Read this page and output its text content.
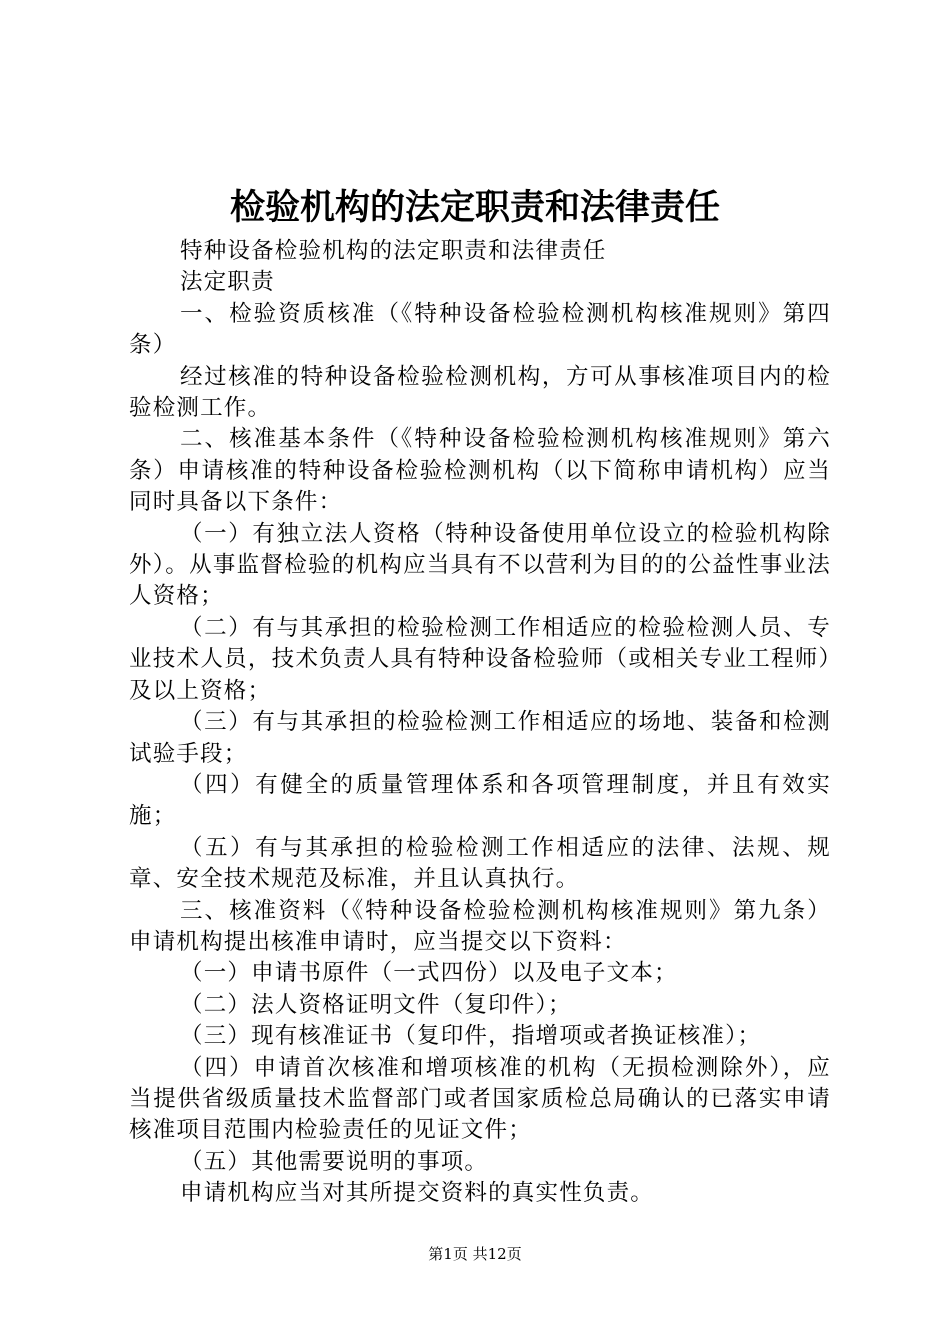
检验机构的法定职责和法律责任

特种设备检验机构的法定职责和法律责任

法定职责

一、检验资质核准（《特种设备检验检测机构核准规则》第四条）

经过核准的特种设备检验检测机构，方可从事核准项目内的检验检测工作。

二、核准基本条件（《特种设备检验检测机构核准规则》第六条）申请核准的特种设备检验检测机构（以下简称申请机构）应当同时具备以下条件：

（一）有独立法人资格（特种设备使用单位设立的检验机构除外）。从事监督检验的机构应当具有不以营利为目的的公益性事业法人资格；

（二）有与其承担的检验检测工作相适应的检验检测人员、专业技术人员，技术负责人具有特种设备检验师（或相关专业工程师）及以上资格；

（三）有与其承担的检验检测工作相适应的场地、装备和检测试验手段；

（四）有健全的质量管理体系和各项管理制度，并且有效实施；

（五）有与其承担的检验检测工作相适应的法律、法规、规章、安全技术规范及标准，并且认真执行。

三、核准资料（《特种设备检验检测机构核准规则》第九条）申请机构提出核准申请时，应当提交以下资料：

（一）申请书原件（一式四份）以及电子文本；

（二）法人资格证明文件（复印件）；

（三）现有核准证书（复印件，指增项或者换证核准）；

（四）申请首次核准和增项核准的机构（无损检测除外），应当提供省级质量技术监督部门或者国家质检总局确认的已落实申请核准项目范围内检验责任的见证文件；

（五）其他需要说明的事项。

申请机构应当对其所提交资料的真实性负责。

第1页 共12页
